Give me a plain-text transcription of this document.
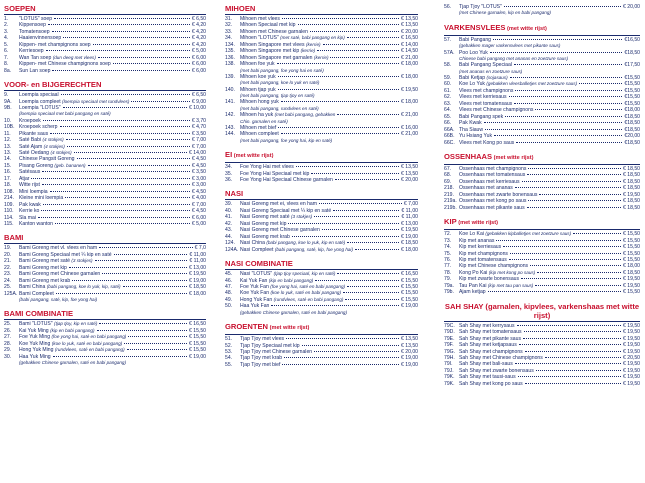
SOEPEN
1.	"LOTUS" soep	€ 6,50
2.	Kippensoep	€ 4,20
3.	Tomatensoep	€ 4,20
4.	Haaienvinnensoep	€ 4,20
5.	Kippen- met champignons soep	€ 4,20
6.	Kerriesoep	€ 5,00
7.	Wan Tan soep (dun deeg met vlees)	€ 6,00
8.	Kippen- met Chinese champignons soep	€ 6,00
8a.	Sun Lan soep	€ 6,00
VOOR- en BIJGERECHTEN
9.	Loempia speciaal	€ 6,50
9A.	Loempia compleet (loempia speciaal met rundvlees)	€ 9,00
9B.	Loempia "LOTUS"	€ 10,00
(loempia speciaal met babi pangang en saté)
10.	Kroepoek	€ 3,70
10B. Kroepoek scherp	€ 4,70
11.	Pikante saus	€ 3,50
12.	Saté Babi (4 stokjes)	€ 7,00
13.	Saté Ajam (4 stokjes)	€ 7,00
13.	Saté Oedang (4 stokjes)	€ 14,00
14.	Chinese Pangsit Goreng	€ 4,50
15.	Pisang Goreng (geb. bananen)	€ 4,50
16.	Satésaus	€ 3,50
17.	Atjar	€ 3,00
18.	Witte rijst	€ 3,00
108. Mini loempia	€ 4,50
214. Kleine mini loempia	€ 4,00
109. Pak kwak	€ 7,00
110.	Kerrie ko	€ 4,50
114.	Sla mai	€ 6,00
115.	Kanton wanton	€ 5,00
BAMI
19.	Bami Goreng met vl. vlees en ham	€ 7,0
20.	Bami Goreng Speciaal met ¼ kip en saté	€ 11,00
21.	Bami Goreng met saté (3 stokjes)	€ 11,00
22.	Bami Goreng met kip	€ 13,00
23.	Bami Goreng met Chinese garnalen	€ 19,50
24.	Bami Goreng met krab	€ 19,00
25.	Bami China (babi pangang, koe lo yuk, kip, saté)	€ 18,50
125A. Bami Compleet	€ 18,00
(babi pangang, saté, kip, foe yong hai)
BAMI COMBINATIE
25.	Bami "LOTUS" (tjap tjoy, kip en saté)	€ 16,50
26.	Kai Yuk Ming (kip en babi pangang)	€ 15,50
27.	Foe Yuk Ming (foe yong hai, saté en babi pangang)	€ 15,50
28.	Koe Yuk Ming (koe lo yuk, saté en babi pangang)	€ 15,50
29.	Hong Yuk Ming (rundvlees, saté en babi pangang)	€ 15,50
30.	Haa Yuk Ming	€ 19,00
(gebakken Chinese garnalen, saté en babi pangang)
MIHOEN
31.	Mihoen met vlees	€ 13,50
32.	Mihoen Speciaal met kip	€ 13,50
33.	Mihoen met Chinese garnalen	€ 20,00
34.	Mihoen "LOTUS" (met saté, babi pangang en kip)	€ 16,50
134. Mihoen Singapore met vlees (kerrie)	€ 14,00
135. Mihoen Singapore met kip (kerrie)	€ 14,50
136. Mihoen Singapore met garnalen (kerrie)	€ 21,00
138. Mihoen foe yuk	€ 18,00
(met babi pangang, foe yong hai en saté)
139. Mihoen koe yuk	€ 18,00
(met babi pangang, koe lo yuk en saté)
140. Mihoen tjap yuk	€ 19,50
(met babi pangang, tjap tjoy en saté)
141. Mihoen hong yuk	€ 18,00
(met babi pangang, rundvlees en saté)
142. Mihoen ha yuk (met babi pangang, gebakken	€ 21,00
Chin. garnalen en saté)
143. Mihoen met bief	€ 16,00
144. Mihoen compleet	€ 21,00
(met babi pangang, foe yong hai, kip en saté)
EI (met witte rijst)
34.	Foe Yong Hai met vlees	€ 13,50
35.	Foe Yong Hai Speciaal met kip	€ 13,50
36.	Foe Yong Hai Speciaal Chinese garnalen	€ 20,00
NASI
39.	Nasi Goreng met ei, vlees en ham	€ 7,00
40.	Nasi Goreng Speciaal met ¼ kip en saté	€ 11,00
41.	Nasi Goreng met saté (3 stokjes)	€ 11,00
42.	Nasi Goreng met kip	€ 13,00
43.	Nasi Goreng met Chinese garnalen	€ 19,50
44.	Nasi Goreng met krab	€ 19,00
124. Nasi China (babi pangang, koe lo yuk, kip en saté)	€ 18,50
124A. Nasi Compleet (babi pangang, saté, kip, foe yong hai)	€ 18,00
NASI COMBINATIE
45.	Nasi "LOTUS" (tjap tjoy speciaal, kip en saté)	€ 16,50
46.	Kai Yuk Fan (kip en babi pangang)	€ 15,50
47.	Foe Yuk Fan (foe yong hai, saté en babi pangang)	€ 15,50
48.	Koe Yuk Fan (koe lo yuk, saté en babi pangang)	€ 15,50
49.	Hong Yuk Fan (rundvlees, saté en babi pangang)	€ 15,50
50.	Haa Yuk Fan	€ 19,00
(gebakken Chinese garnalen, saté en babi pangang)
GROENTEN (met witte rijst)
51.	Tjap Tjoy met vlees	€ 13,50
52.	Tjap Tjoy Speciaal met kip	€ 13,50
53.	Tjap Tjoy met Chinese garnalen	€ 20,00
54.	Tjap Tjoy met krab	€ 19,00
55.	Tjap Tjoy met bief	€ 19,00
56.	Tjap Tjoy "LOTUS"	€ 20,00
(met Chinese garnalen, kip en babi pangang)
VARKENSVLEES (met witte rijst)
57.	Babi Pangang	€16,50
(gebakken mager varkensvlees met pikante saus)
57A. Poo Loo Yuk	€18,50
Chinese babi pangang met ananas en zoetzure saus)
58.	Babi Pangang Speciaal	€17,50
(met ananas en zoetzure saus)
59.	Babi Ketjap (sojasaus)	€15,50
60.	Koe Lo Yuk (gebakken vleesballetjes met zoetzure saus)	€15,50
61.	Vlees met champignons	€15,50
62.	Vlees met kerriesaus	€15,50
63.	Vlees met tomatensaus	€15,50
64.	Vlees met Chinese champignons	€18,00
65.	Babi Pangang spek	€18,50
66.	Pak Kwak	€18,50
66A. Tha Siauw	€18,50
66B. Yu Hsiang Yuk	€20,00
66C. Vlees met Kong po saus	€18,50
OSSENHAAS (met witte rijst)
67.	Ossenhaas met champignons	€ 18,50
68.	Ossenhaas met tomatensaus	€ 18,50
69.	Ossenhaas met kerriesaus	€ 18,50
218. Ossenhaas met ananas	€ 18,50
219. Ossenhaas met zwarte bonensaus	€ 19,50
219a. Ossenhaas met kong po saus	€ 18,50
219b. Ossenhaas met pikante saus	€ 18,50
KIP (met witte rijst)
72.	Koe Lo Kai (gebakken kipballetjes met zoetzure saus)	€ 15,50
73.	Kip met ananas	€ 15,50
74.	Kip met kerriesaus	€ 15,50
75.	Kip met champignons	€ 15,50
76.	Kip met tomatensaus	€ 15,50
77.	Kip met Chinese champignons	€ 18,00
78.	Kong Po Kai (kip met kong po saus)	€ 18,50
79.	Kip met zwarte bonensaus	€ 19,50
79a. Tau Pan Kai (kip met tau pan saus)	€ 19,50
79b. Ajam ketjap	€ 15,50
SAH SHAY (garnalen, kipvlees, varkenshaas met witte rijst)
79C. Sah Shay met kerrysaus	€ 19,50
79D. Sah Shay met tomatensaus	€ 19,50
79E. Sah Shay met pikante saus	€ 19,50
79F.	Sah Shay met ketjapsaus	€ 19,50
79G. Sah Shay met champignons	€ 19,50
79H. Sah Shay met Chinese champignons	€ 20,50
79I.	Sah Shay met bali-saus	€ 19,50
79J.	Sah Shay met zwarte bonensaus	€ 19,50
79K. Sah Shay met tausi-saus	€ 19,50
79K. Sah Shay met kong po saus	€ 19,50
